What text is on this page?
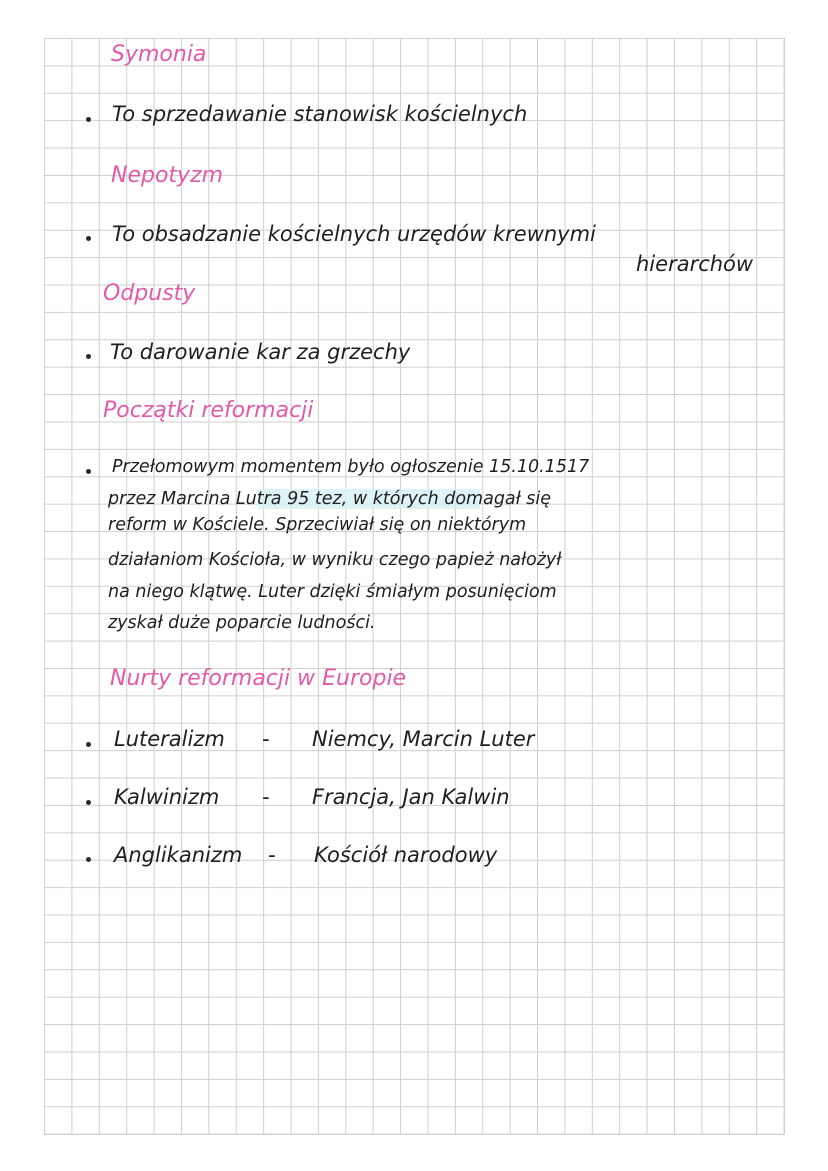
Symonia
To sprzedawanie stanowisk kościelnych
Nepotyzm
To obsadzanie kościelnych urzędów krewnymi
hierarchów
Odpusty
To darowanie kar za grzechy
Początki reformacji
Przełomowym momentem było ogłoszenie 15.10.1517
przez Marcina Lutra 95 tez, w których domagał się
reform w Kościele. Sprzeciwiał się on niektórym
działaniom Kościoła, w wyniku czego papież nałożył
na niego klątwę. Luter dzięki śmiałym posunięciom
zyskał duże poparcie ludności.
Nurty reformacji w Europie
Luteralizm - Niemcy, Marcin Luter
Kalwinizm - Francja, Jan Kalwin
Anglikanizm - Kościół narodowy
